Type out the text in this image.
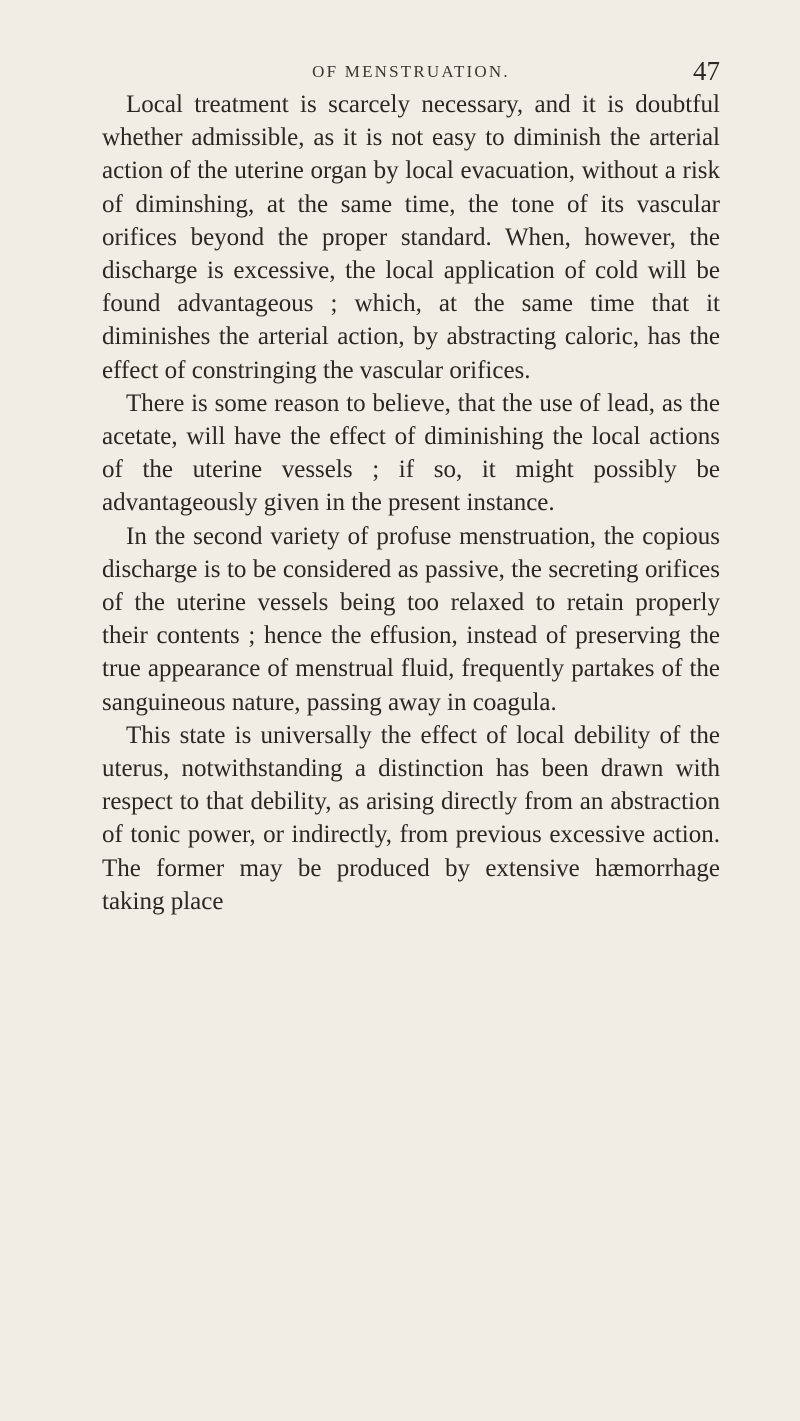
OF MENSTRUATION.	47

Local treatment is scarcely necessary, and it is doubtful whether admissible, as it is not easy to diminish the arterial action of the uterine organ by local evacuation, without a risk of diminshing, at the same time, the tone of its vascular orifices beyond the proper standard. When, however, the discharge is excessive, the local application of cold will be found advantageous ; which, at the same time that it diminishes the arterial action, by abstracting caloric, has the effect of constringing the vascular orifices.

There is some reason to believe, that the use of lead, as the acetate, will have the effect of diminishing the local actions of the uterine vessels ; if so, it might possibly be advantageously given in the present instance.

In the second variety of profuse menstruation, the copious discharge is to be considered as passive, the secreting orifices of the uterine vessels being too relaxed to retain properly their contents ; hence the effusion, instead of preserving the true appearance of menstrual fluid, frequently partakes of the sanguineous nature, passing away in coagula.

This state is universally the effect of local debility of the uterus, notwithstanding a distinction has been drawn with respect to that debility, as arising directly from an abstraction of tonic power, or indirectly, from previous excessive action. The former may be produced by extensive hæmorrhage taking place
